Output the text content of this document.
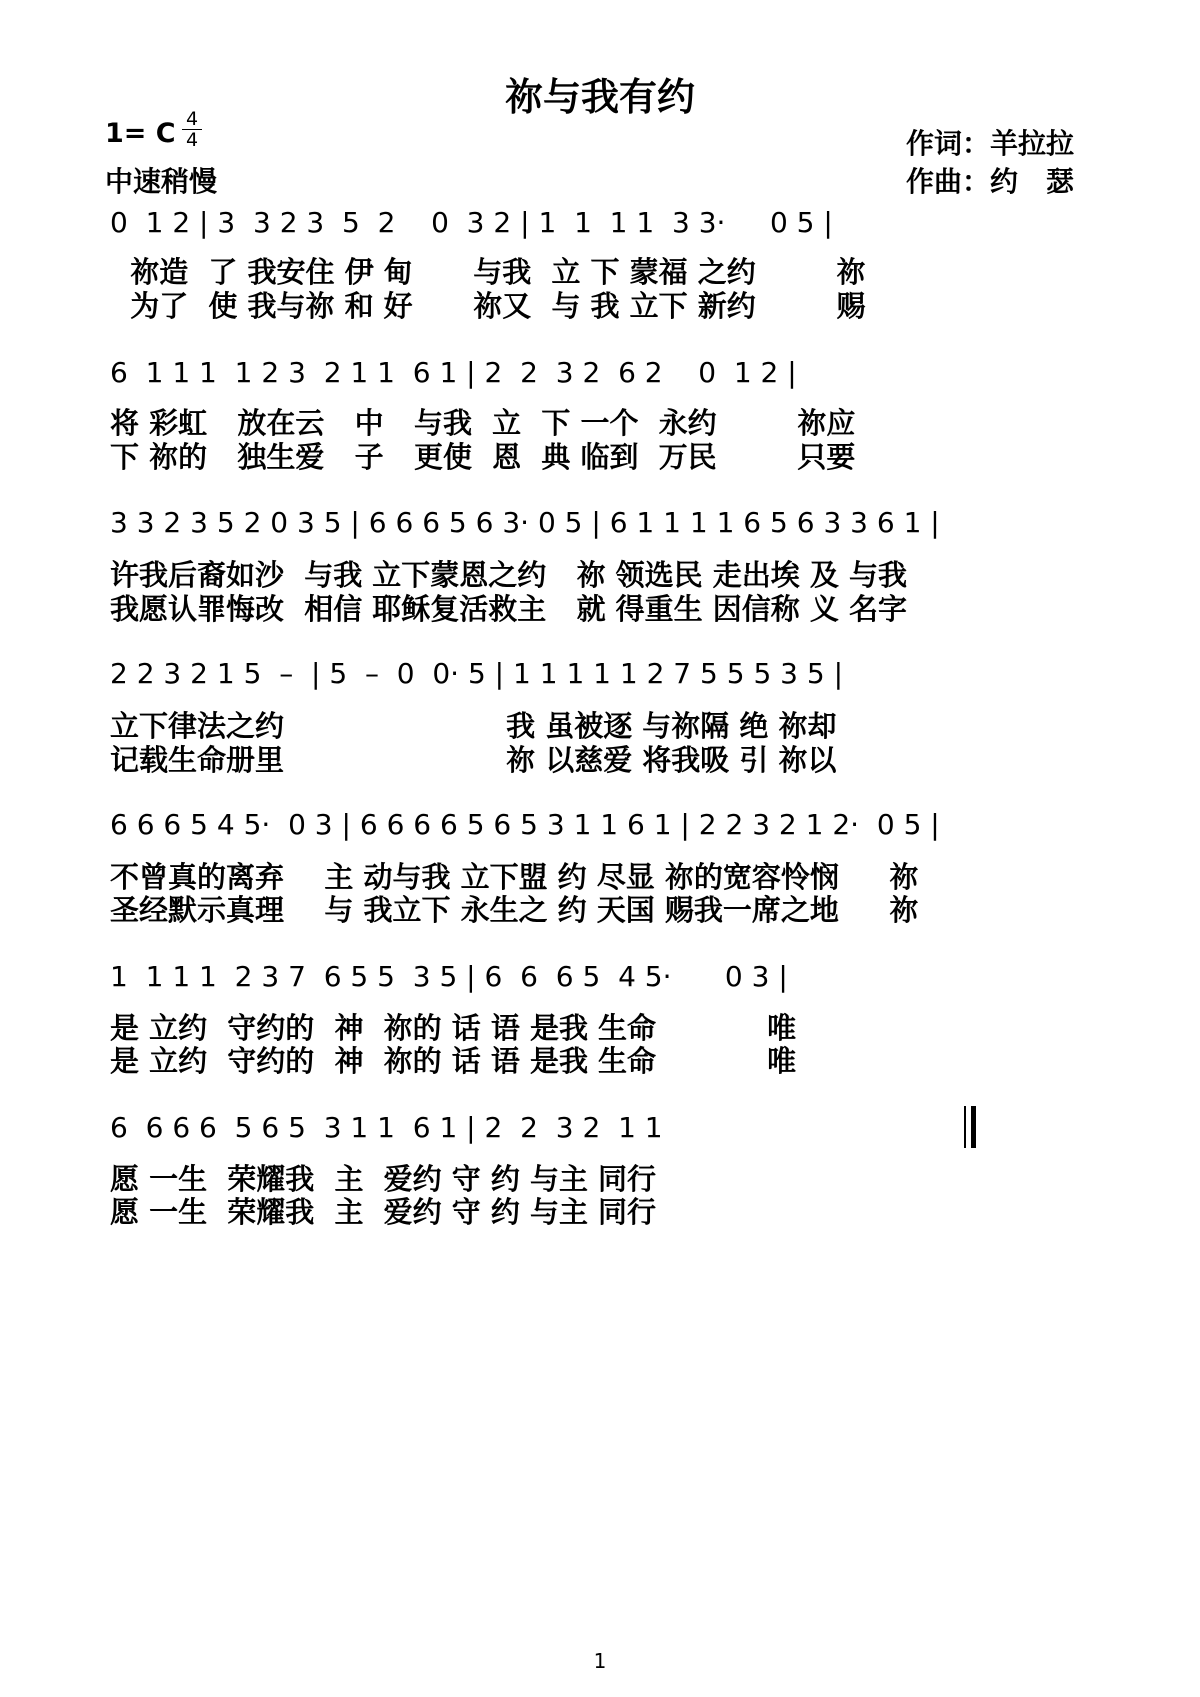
祢与我有约
1= C 4
4
中速稍慢
作词：羊拉拉
作曲：约　瑟
0  1 2 | 3  3 2 3  5  2    0  3 2 | 1  1  1 1  3 3·     0 5 |
祢造  了 我安住 伊 甸      与我  立 下 蒙福 之约        祢
为了  使 我与祢 和 好      祢又  与 我 立下 新约        赐
6  1 1 1  1 2 3  2 1 1  6 1 | 2  2  3 2  6 2    0  1 2 |
将 彩虹   放在云   中   与我  立  下 一个  永约        祢应
下 祢的   独生爱   子   更使  恩  典 临到  万民        只要
3 3 2 3 5 2 0 3 5 | 6 6 6 5 6 3· 0 5 | 6 1 1 1 1 6 5 6 3 3 6 1 |
许我后裔如沙  与我 立下蒙恩之约   祢 领选民 走出埃 及 与我
我愿认罪悔改  相信 耶稣复活救主   就 得重生 因信称 义 名字
2 2 3 2 1 5  –  | 5  –  0  0· 5 | 1 1 1 1 1 2 7 5 5 5 3 5 |
立下律法之约                      我 虽被逐 与祢隔 绝 祢却
记载生命册里                      祢 以慈爱 将我吸 引 祢以
6 6 6 5 4 5·  0 3 | 6 6 6 6 5 6 5 3 1 1 6 1 | 2 2 3 2 1 2·  0 5 |
不曾真的离弃    主 动与我 立下盟 约 尽显 祢的宽容怜悯     祢
圣经默示真理    与 我立下 永生之 约 天国 赐我一席之地     祢
1  1 1 1  2 3 7  6 5 5  3 5 | 6  6  6 5  4 5·      0 3 |
是 立约  守约的  神  祢的 话 语 是我 生命           唯
是 立约  守约的  神  祢的 话 语 是我 生命           唯
6  6 6 6  5 6 5  3 1 1  6 1 | 2  2  3 2  1 1
愿 一生  荣耀我  主  爱约 守 约 与主 同行
愿 一生  荣耀我  主  爱约 守 约 与主 同行
1
